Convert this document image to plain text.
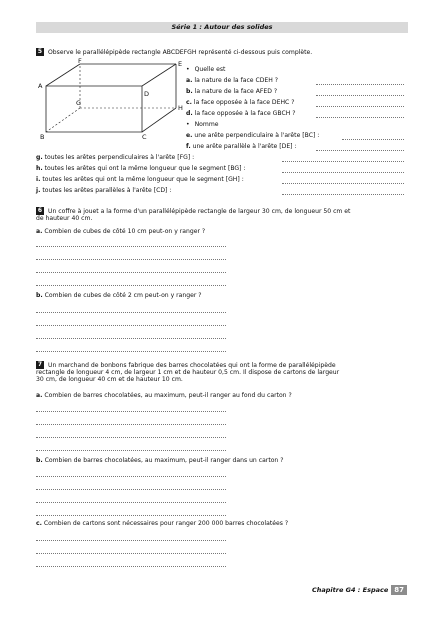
Série 1 : Autour des solides
5 Observe le parallélépipède rectangle ABCDEFGH représenté ci-dessous puis complète.
F	E
A
D
G
H
B	C
• Quelle est
a. la nature de la face CDEH ?
b. la nature de la face AFED ?
c. la face opposée à la face DEHC ?
d. la face opposée à la face GBCH ?
• Nomme
e. une arête perpendiculaire à l'arête [BC] :
f. une arête parallèle à l'arête [DE] :
g. toutes les arêtes perpendiculaires à l'arête [FG] :
h. toutes les arêtes qui ont la même longueur que le segment [BG] :
i. toutes les arêtes qui ont la même longueur que le segment [GH] :
j. toutes les arêtes parallèles à l'arête [CD] :
6 Un coffre à jouet a la forme d'un parallélépipède rectangle de largeur 30 cm, de longueur 50 cm et
de hauteur 40 cm.
a. Combien de cubes de côté 10 cm peut-on y ranger ?
b. Combien de cubes de côté 2 cm peut-on y ranger ?
7 Un marchand de bonbons fabrique des barres chocolatées qui ont la forme de parallélépipède
rectangle de longueur 4 cm, de largeur 1 cm et de hauteur 0,5 cm. Il dispose de cartons de largeur
30 cm, de longueur 40 cm et de hauteur 10 cm.
a. Combien de barres chocolatées, au maximum, peut-il ranger au fond du carton ?
b. Combien de barres chocolatées, au maximum, peut-il ranger dans un carton ?
c. Combien de cartons sont nécessaires pour ranger 200 000 barres chocolatées ?
Chapitre G4 : Espace 87
